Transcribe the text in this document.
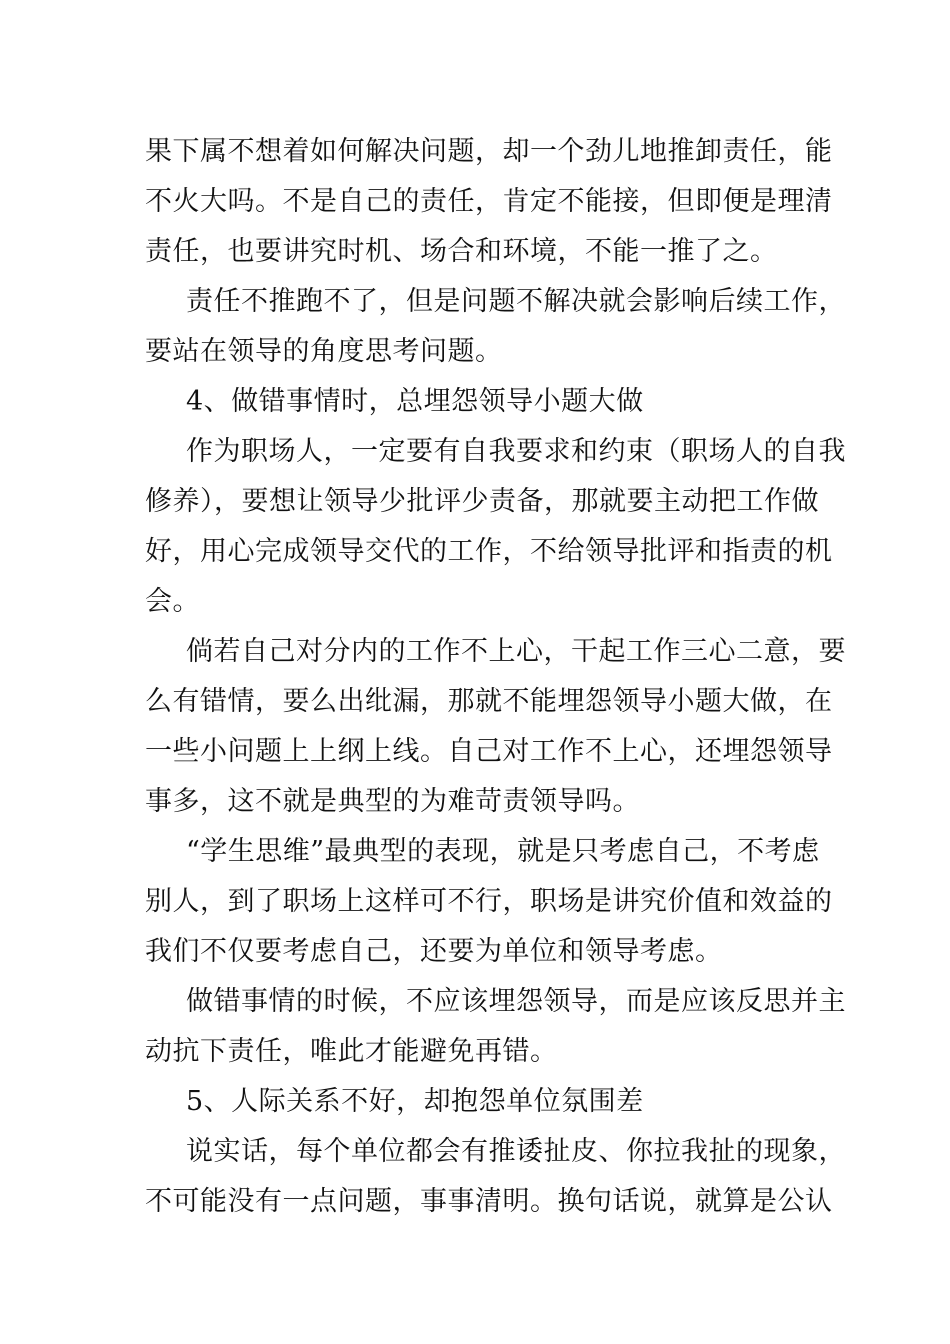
果下属不想着如何解决问题，却一个劲儿地推卸责任，能

不火大吗。不是自己的责任，肯定不能接，但即便是理清

责任，也要讲究时机、场合和环境，不能一推了之。

责任不推跑不了，但是问题不解决就会影响后续工作，

要站在领导的角度思考问题。

4、做错事情时，总埋怨领导小题大做

作为职场人，一定要有自我要求和约束（职场人的自我

修养），要想让领导少批评少责备，那就要主动把工作做

好，用心完成领导交代的工作，不给领导批评和指责的机

会。

倘若自己对分内的工作不上心，干起工作三心二意，要

么有错情，要么出纰漏，那就不能埋怨领导小题大做，在

一些小问题上上纲上线。自己对工作不上心，还埋怨领导

事多，这不就是典型的为难苛责领导吗。

“学生思维”最典型的表现，就是只考虑自己，不考虑

别人，到了职场上这样可不行，职场是讲究价值和效益的

我们不仅要考虑自己，还要为单位和领导考虑。

做错事情的时候，不应该埋怨领导，而是应该反思并主

动抗下责任，唯此才能避免再错。

5、人际关系不好，却抱怨单位氛围差

说实话，每个单位都会有推诿扯皮、你拉我扯的现象，

不可能没有一点问题，事事清明。换句话说，就算是公认
